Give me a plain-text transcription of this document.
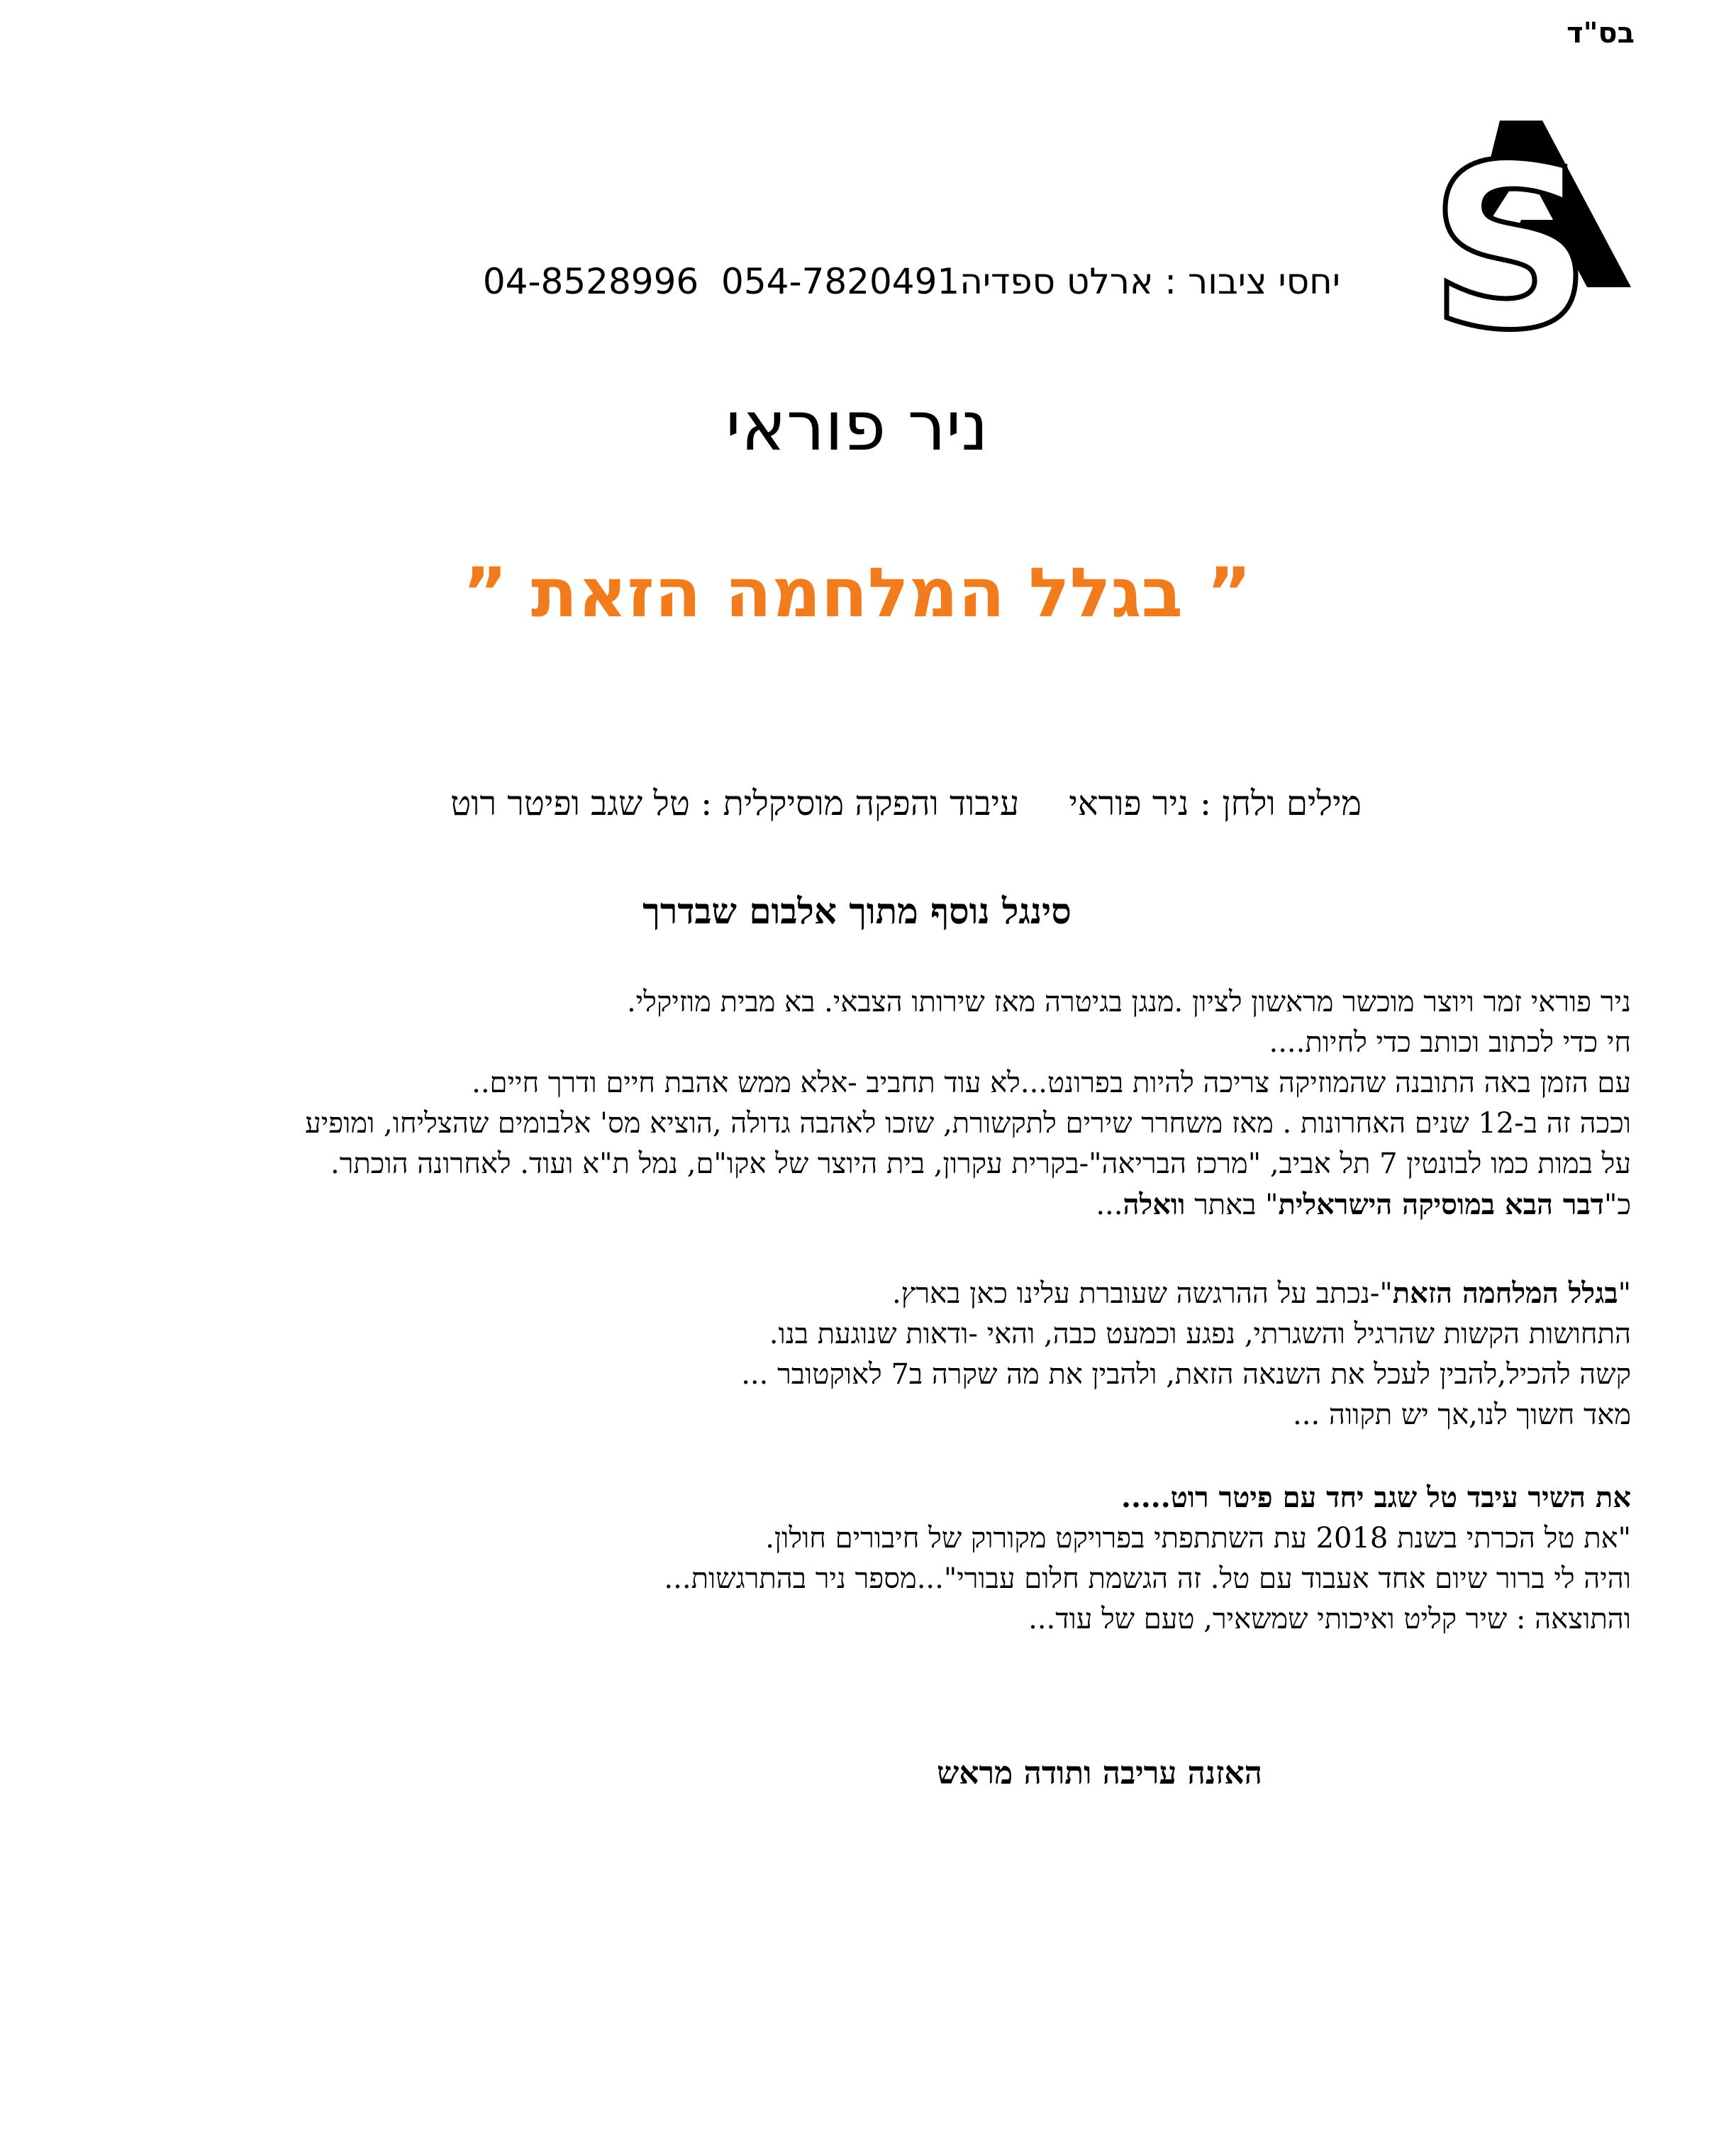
בס"ד
S
יחסי ציבור : ארלט ספדיה054-7820491  04-8528996
ניר פוראי
” בגלל המלחמה הזאת ”
מילים ולחן : ניר פוראיעיבוד והפקה מוסיקלית : טל שגב ופיטר רוט
סינגל נוסף מתוך אלבום שבדרך
ניר פוראי זמר ויוצר מוכשר מראשון לציון .מנגן בגיטרה מאז שירותו הצבאי. בא מבית מוזיקלי.
חי כדי לכתוב וכותב כדי לחיות....
עם הזמן באה התובנה שהמוזיקה צריכה להיות בפרונט...לא עוד תחביב -אלא ממש אהבת חיים ודרך חיים..
וככה זה ב-12 שנים האחרונות . מאז משחרר שירים לתקשורת, שזכו לאהבה גדולה ,הוציא מס' אלבומים שהצליחו, ומופיע
על במות כמו לבונטין 7 תל אביב, "מרכז הבריאה"-בקרית עקרון, בית היוצר של אקו"ם, נמל ת"א ועוד. לאחרונה הוכתר.
כ"דבר הבא במוסיקה הישראלית" באתר וואלה...
"בגלל המלחמה הזאת"-נכתב על ההרגשה שעוברת עלינו כאן בארץ.
התחושות הקשות שהרגיל והשגרתי, נפגע וכמעט כבה, והאי -ודאות שנוגעת בנו.
קשה להכיל,להבין לעכל את השנאה הזאת, ולהבין את מה שקרה ב7 לאוקטובר ...
מאד חשוך לנו,אך יש תקווה ...
את השיר עיבד טל שגב יחד עם פיטר רוט.....
"את טל הכרתי בשנת 2018 עת השתתפתי בפרויקט מקורוק של חיבורים חולון.
והיה לי ברור שיום אחד אעבוד עם טל. זה הגשמת חלום עבורי"...מספר ניר בהתרגשות...
והתוצאה : שיר קליט ואיכותי שמשאיר, טעם של עוד...
האזנה עריבה ותודה מראש
